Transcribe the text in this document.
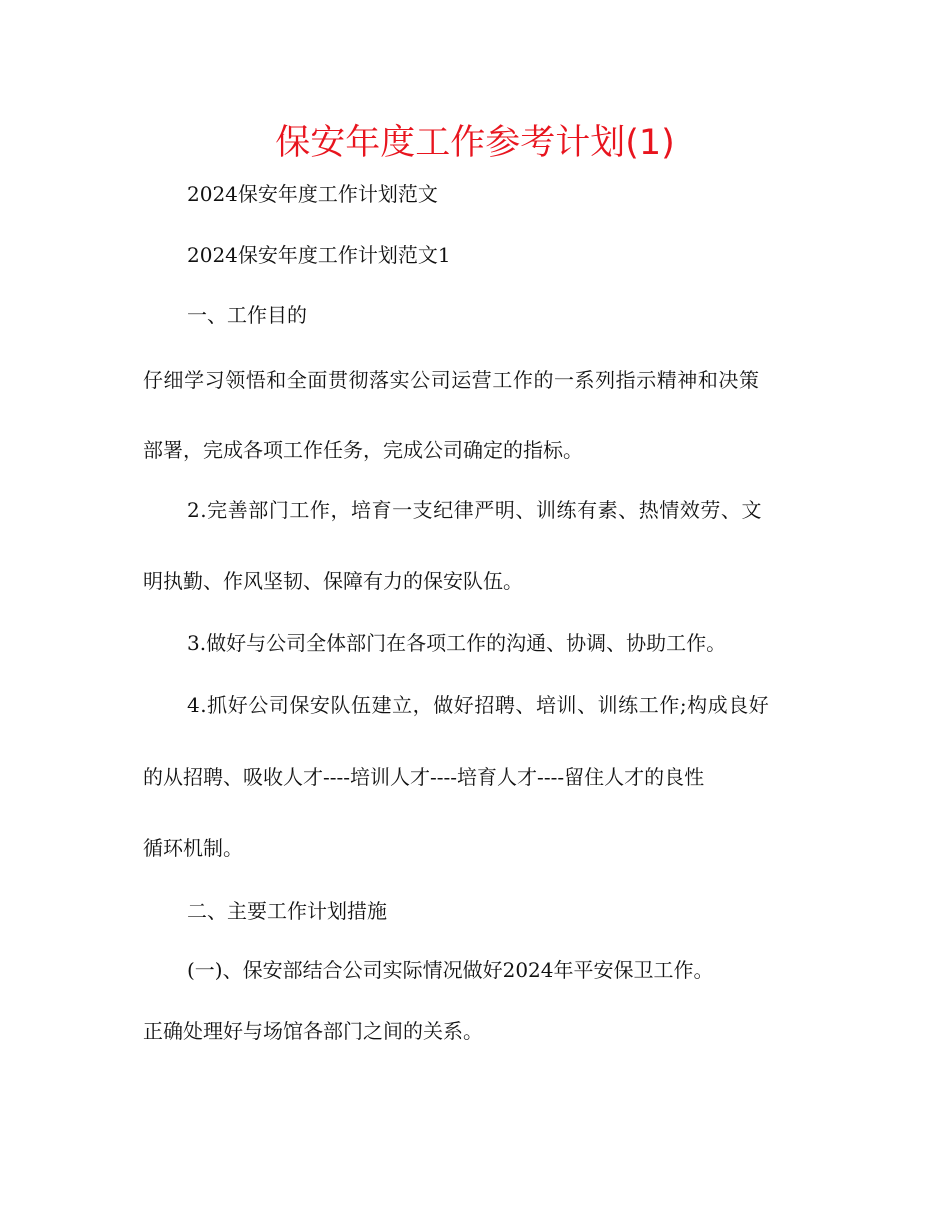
保安年度工作参考计划(1)
2024保安年度工作计划范文
2024保安年度工作计划范文1
一、工作目的
仔细学习领悟和全面贯彻落实公司运营工作的一系列指示精神和决策
部署，完成各项工作任务，完成公司确定的指标。
2.完善部门工作，培育一支纪律严明、训练有素、热情效劳、文
明执勤、作风坚韧、保障有力的保安队伍。
3.做好与公司全体部门在各项工作的沟通、协调、协助工作。
4.抓好公司保安队伍建立，做好招聘、培训、训练工作;构成良好
的从招聘、吸收人才----培训人才----培育人才----留住人才的良性
循环机制。
二、主要工作计划措施
(一)、保安部结合公司实际情况做好2024年平安保卫工作。
正确处理好与场馆各部门之间的关系。
